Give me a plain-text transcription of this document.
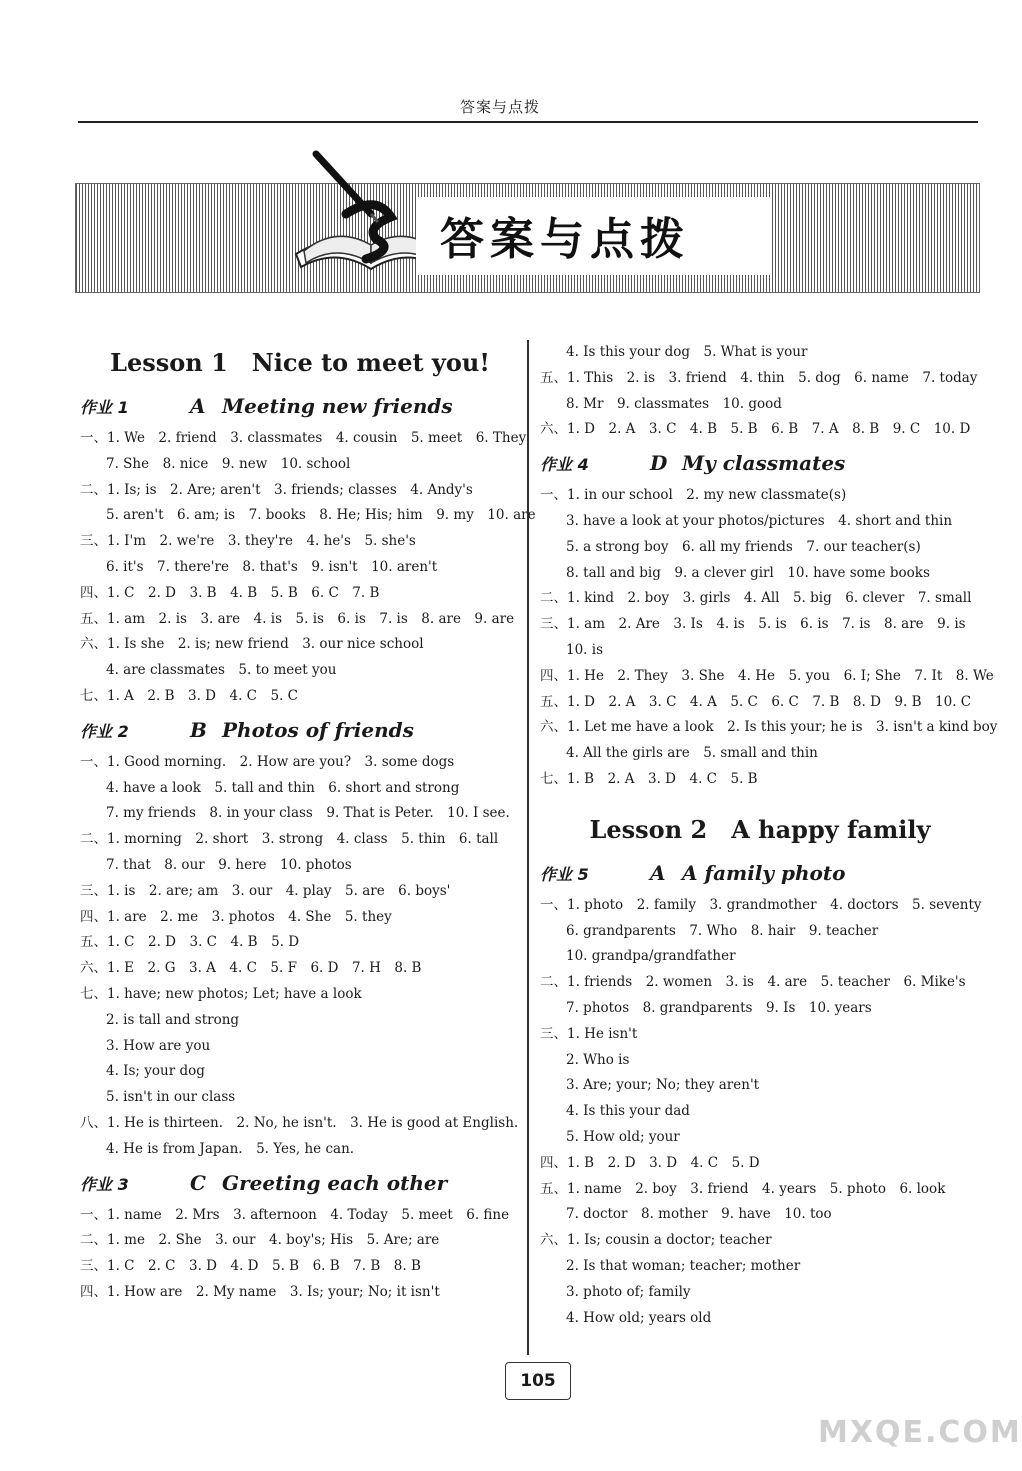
答案与点拨
答案与点拨
Lesson 1　Nice to meet you!
作业 1	A Meeting new friends
一、1. We　2. friend　3. classmates　4. cousin　5. meet　6. They
7. She　8. nice　9. new　10. school
二、1. Is; is　2. Are; aren't　3. friends; classes　4. Andy's
5. aren't　6. am; is　7. books　8. He; His; him　9. my　10. are
三、1. I'm　2. we're　3. they're　4. he's　5. she's
6. it's　7. there're　8. that's　9. isn't　10. aren't
四、1. C　2. D　3. B　4. B　5. B　6. C　7. B
五、1. am　2. is　3. are　4. is　5. is　6. is　7. is　8. are　9. are
六、1. Is she　2. is; new friend　3. our nice school
4. are classmates　5. to meet you
七、1. A　2. B　3. D　4. C　5. C
作业 2	B Photos of friends
一、1. Good morning.　2. How are you?　3. some dogs
4. have a look　5. tall and thin　6. short and strong
7. my friends　8. in your class　9. That is Peter.　10. I see.
二、1. morning　2. short　3. strong　4. class　5. thin　6. tall
7. that　8. our　9. here　10. photos
三、1. is　2. are; am　3. our　4. play　5. are　6. boys'
四、1. are　2. me　3. photos　4. She　5. they
五、1. C　2. D　3. C　4. B　5. D
六、1. E　2. G　3. A　4. C　5. F　6. D　7. H　8. B
七、1. have; new photos; Let; have a look
2. is tall and strong
3. How are you
4. Is; your dog
5. isn't in our class
八、1. He is thirteen.　2. No, he isn't.　3. He is good at English.
4. He is from Japan.　5. Yes, he can.
作业 3	C Greeting each other
一、1. name　2. Mrs　3. afternoon　4. Today　5. meet　6. fine
二、1. me　2. She　3. our　4. boy's; His　5. Are; are
三、1. C　2. C　3. D　4. D　5. B　6. B　7. B　8. B
四、1. How are　2. My name　3. Is; your; No; it isn't
4. Is this your dog　5. What is your
五、1. This　2. is　3. friend　4. thin　5. dog　6. name　7. today
8. Mr　9. classmates　10. good
六、1. D　2. A　3. C　4. B　5. B　6. B　7. A　8. B　9. C　10. D
作业 4	D My classmates
一、1. in our school　2. my new classmate(s)
3. have a look at your photos/pictures　4. short and thin
5. a strong boy　6. all my friends　7. our teacher(s)
8. tall and big　9. a clever girl　10. have some books
二、1. kind　2. boy　3. girls　4. All　5. big　6. clever　7. small
三、1. am　2. Are　3. Is　4. is　5. is　6. is　7. is　8. are　9. is
10. is
四、1. He　2. They　3. She　4. He　5. you　6. I; She　7. It　8. We
五、1. D　2. A　3. C　4. A　5. C　6. C　7. B　8. D　9. B　10. C
六、1. Let me have a look　2. Is this your; he is　3. isn't a kind boy
4. All the girls are　5. small and thin
七、1. B　2. A　3. D　4. C　5. B
Lesson 2　A happy family
作业 5	A A family photo
一、1. photo　2. family　3. grandmother　4. doctors　5. seventy
6. grandparents　7. Who　8. hair　9. teacher
10. grandpa/grandfather
二、1. friends　2. women　3. is　4. are　5. teacher　6. Mike's
7. photos　8. grandparents　9. Is　10. years
三、1. He isn't
2. Who is
3. Are; your; No; they aren't
4. Is this your dad
5. How old; your
四、1. B　2. D　3. D　4. C　5. D
五、1. name　2. boy　3. friend　4. years　5. photo　6. look
7. doctor　8. mother　9. have　10. too
六、1. Is; cousin a doctor; teacher
2. Is that woman; teacher; mother
3. photo of; family
4. How old; years old
105
MXQE.COM
